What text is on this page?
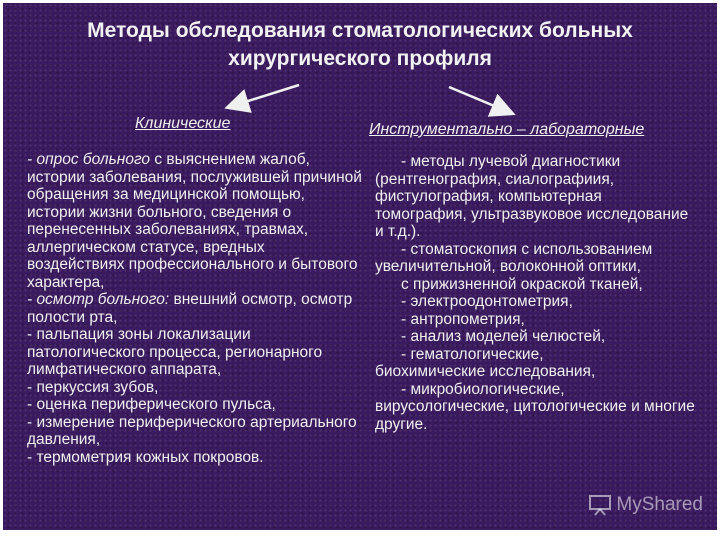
Методы обследования стоматологических больных
хирургического профиля

Клинические	Инструментально – лабораторные

- опрос больного с выяснением жалоб, истории заболевания, послужившей причиной обращения за медицинской помощью, истории жизни больного, сведения о перенесенных заболеваниях, травмах, аллергическом статусе, вредных воздействиях профессионального и бытового характера,

- осмотр больного: внешний осмотр, осмотр полости рта,

- пальпация зоны локализации патологического процесса, регионарного лимфатического аппарата,

- перкуссия зубов,

- оценка периферического пульса,

- измерение периферического артериального давления,

- термометрия кожных покровов.

- методы лучевой диагностики

(рентгенография, сиалографиия, фистулография, компьютерная томография, ультразвуковое исследование и т.д.).

- стоматоскопия с использованием

увеличительной, волоконной оптики,

с прижизненной окраской тканей,

- электроодонтометрия,

- антропометрия,

- анализ моделей челюстей,

- гематологические,

биохимические исследования,

- микробиологические,

вирусологические, цитологические и многие другие.

MyShared
